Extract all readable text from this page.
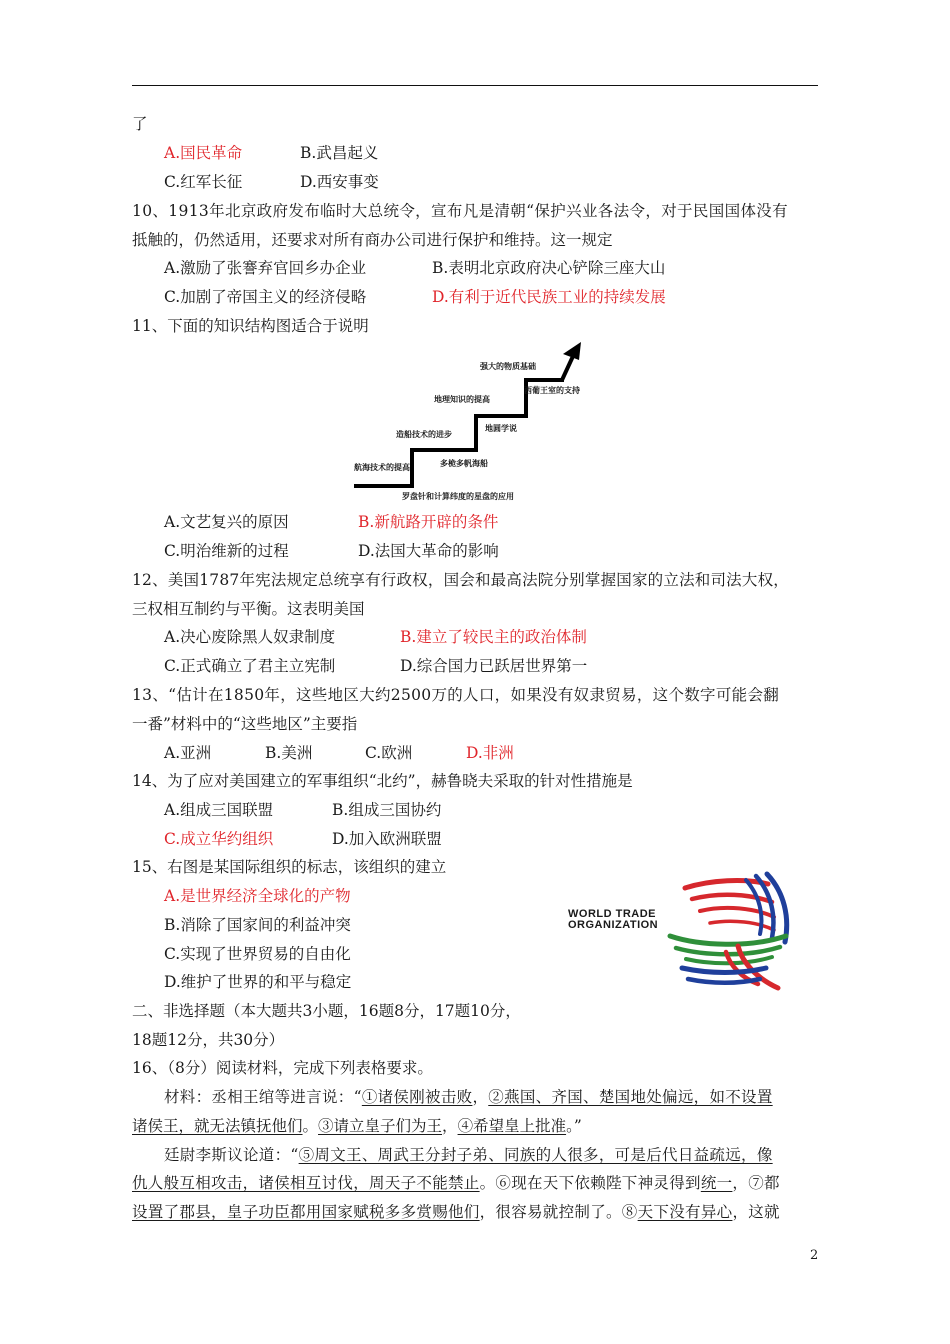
了
A.国民革命	B.武昌起义
C.红军长征	D.西安事变
10、1913年北京政府发布临时大总统令，宣布凡是清朝“保护兴业各法令，对于民国国体没有
抵触的，仍然适用，还要求对所有商办公司进行保护和维持。这一规定
A.激励了张謇弃官回乡办企业	B.表明北京政府决心铲除三座大山
C.加剧了帝国主义的经济侵略	D.有利于近代民族工业的持续发展
11、下面的知识结构图适合于说明
航海技术的提高
造船技术的进步
地理知识的提高
强大的物质基础
罗盘针和计算纬度的星盘的应用
多桅多帆海船
地圆学说
西葡王室的支持
A.文艺复兴的原因	B.新航路开辟的条件
C.明治维新的过程	D.法国大革命的影响
12、美国1787年宪法规定总统享有行政权，国会和最高法院分别掌握国家的立法和司法大权，
三权相互制约与平衡。这表明美国
A.决心废除黑人奴隶制度	B.建立了较民主的政治体制
C.正式确立了君主立宪制	D.综合国力已跃居世界第一
13、“估计在1850年，这些地区大约2500万的人口，如果没有奴隶贸易，这个数字可能会翻
一番”材料中的“这些地区”主要指
A.亚洲	B.美洲	C.欧洲	D.非洲
14、为了应对美国建立的军事组织“北约”，赫鲁晓夫采取的针对性措施是
A.组成三国联盟	B.组成三国协约
C.成立华约组织	D.加入欧洲联盟
15、右图是某国际组织的标志，该组织的建立
A.是世界经济全球化的产物
B.消除了国家间的利益冲突
C.实现了世界贸易的自由化
D.维护了世界的和平与稳定
WORLD TRADE
ORGANIZATION
二、非选择题（本大题共3小题，16题8分，17题10分，
18题12分，共30分）
16、（8分）阅读材料，完成下列表格要求。
材料：丞相王绾等进言说：“①诸侯刚被击败，②燕国、齐国、楚国地处偏远，如不设置
诸侯王，就无法镇抚他们。③请立皇子们为王，④希望皇上批准。”
廷尉李斯议论道：“⑤周文王、周武王分封子弟、同族的人很多，可是后代日益疏远，像
仇人般互相攻击，诸侯相互讨伐，周天子不能禁止。⑥现在天下依赖陛下神灵得到统一，⑦都
设置了郡县，皇子功臣都用国家赋税多多赏赐他们，很容易就控制了。⑧天下没有异心，这就
2
